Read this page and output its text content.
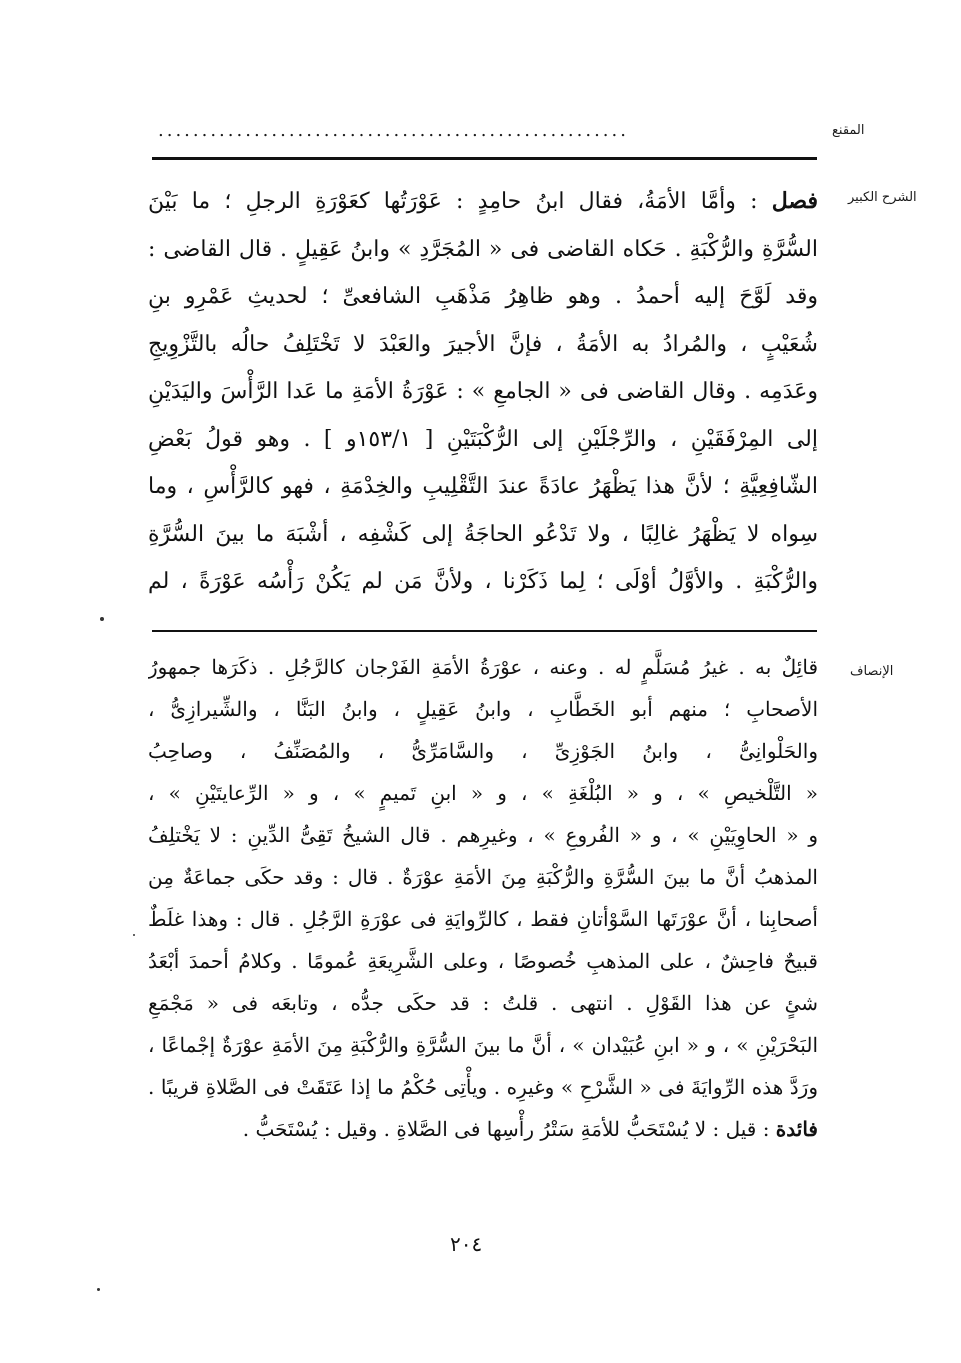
المقنع
......................................................
الشرح الكبير
فصل : وأمَّا الأمَةُ، فقال ابنُ حامِدٍ : عَوْرَتُها كعَوْرَةِ الرجلِ ؛ ما بَيْنَ
السُّرَّةِ والرُّكْبَةِ . حَكاه القاضى فى « المُجَرَّدِ » وابنُ عَقِيلٍ . قال القاضى :
وقد لَوَّحَ إليه أحمدُ . وهو ظاهِرُ مَذْهَبِ الشافعىِّ ؛ لحديثِ عَمْرِو بنِ
شُعَيْبٍ ، والمُرادُ به الأمَةُ ، فإنَّ الأجيرَ والعَبْدَ لا تَخْتَلِفُ حالُه بالتَّزْوِيجِ
وعَدَمِه . وقال القاضى فى « الجامعِ » : عَوْرَةُ الأمَةِ ما عَدا الرَّأْسَ واليَدَيْنِ
إلى المِرْفَقَيْنِ ، والرِّجْلَيْنِ إلى الرُّكْبَتَيْنِ [ ١٥٣/١و ] . وهو قولُ بَعْضِ
الشّافِعِيَّةِ ؛ لأنَّ هذا يَظْهَرُ عادَةً عندَ التَّقْلِيبِ والخِدْمَةِ ، فهو كالرَّأْسِ ، وما
سِواه لا يَظْهَرُ غالِبًا ، ولا تَدْعُو الحاجَةُ إلى كَشْفِه ، أشْبَهَ ما بينَ السُّرَّةِ
والرُّكْبَةِ . والأوَّلُ أوْلَى ؛ لِما ذَكَرْنا ، ولأنَّ مَن لم يَكُنْ رَأْسُه عَوْرَةً ، لم
الإنصاف
قائِلٌ به . غيرُ مُسَلَّمٍ له . وعنه ، عوْرَةُ الأمَةِ الفَرْجان كالرَّجُلِ . ذكَرَها جمهورُ
الأصحابِ ؛ منهم أبو الخَطَّابِ ، وابنُ عَقِيلٍ ، وابنُ البَنَّا ، والشِّيرازِىُّ ،
والحَلْوانِىُّ ، وابنُ الجَوْزِىِّ ، والسَّامَرِّىُّ ، والمُصَنِّفُ ، وصاحِبُ
« التَّلْخيصِ » ، و « البُلْغَةِ » ، و « ابنِ تَميمٍ » ، و « الرِّعايتَيْنِ » ،
و « الحاوِيَيْنِ » ، و « الفُروعِ » ، وغيرِهم . قال الشيخُ تَقِىُّ الدِّينِ : لا يَخْتلِفُ
المذهبُ أنَّ ما بينَ السُّرَّةِ والرُّكْبَةِ مِنَ الأمَةِ عوْرَةٌ . قال : وقد حكَى جماعَةٌ مِن
أصحابِنا ، أنَّ عوْرَتَها السَّوْأتانِ فقط ، كالرِّوايَةِ فى عوْرَةِ الرَّجُلِ . قال : وهذا غلَطٌ
قبيحٌ فاحِشٌ ، على المذهبِ خُصوصًا ، وعلى الشَّرِيعَةِ عُمومًا . وكلامُ أحمدَ أبْعَدُ
شئٍ عن هذا القَوْلِ . انتهى . قلتُ : قد حكَى جدُّه ، وتابعَه فى « مَجْمَعِ
البَحْرَيْنِ » ، و « ابنِ عُبَيْدان » ، أنَّ ما بينَ السُّرَّةِ والرُّكْبَةِ مِنَ الأمَةِ عوْرَةٌ إجْماعًا ،
ورَدَّ هذه الرِّوايَةَ فى « الشَّرْحِ » وغيرِه . ويأْتِى حُكْمُ ما إذا عَتَقَتْ فى الصَّلاةِ قريبًا .
فائدة : قيل : لا يُسْتَحَبُّ للأمَةِ سَتْرُ رأْسِها فى الصَّلاةِ . وقيل : يُسْتَحَبُّ .
٢٠٤
